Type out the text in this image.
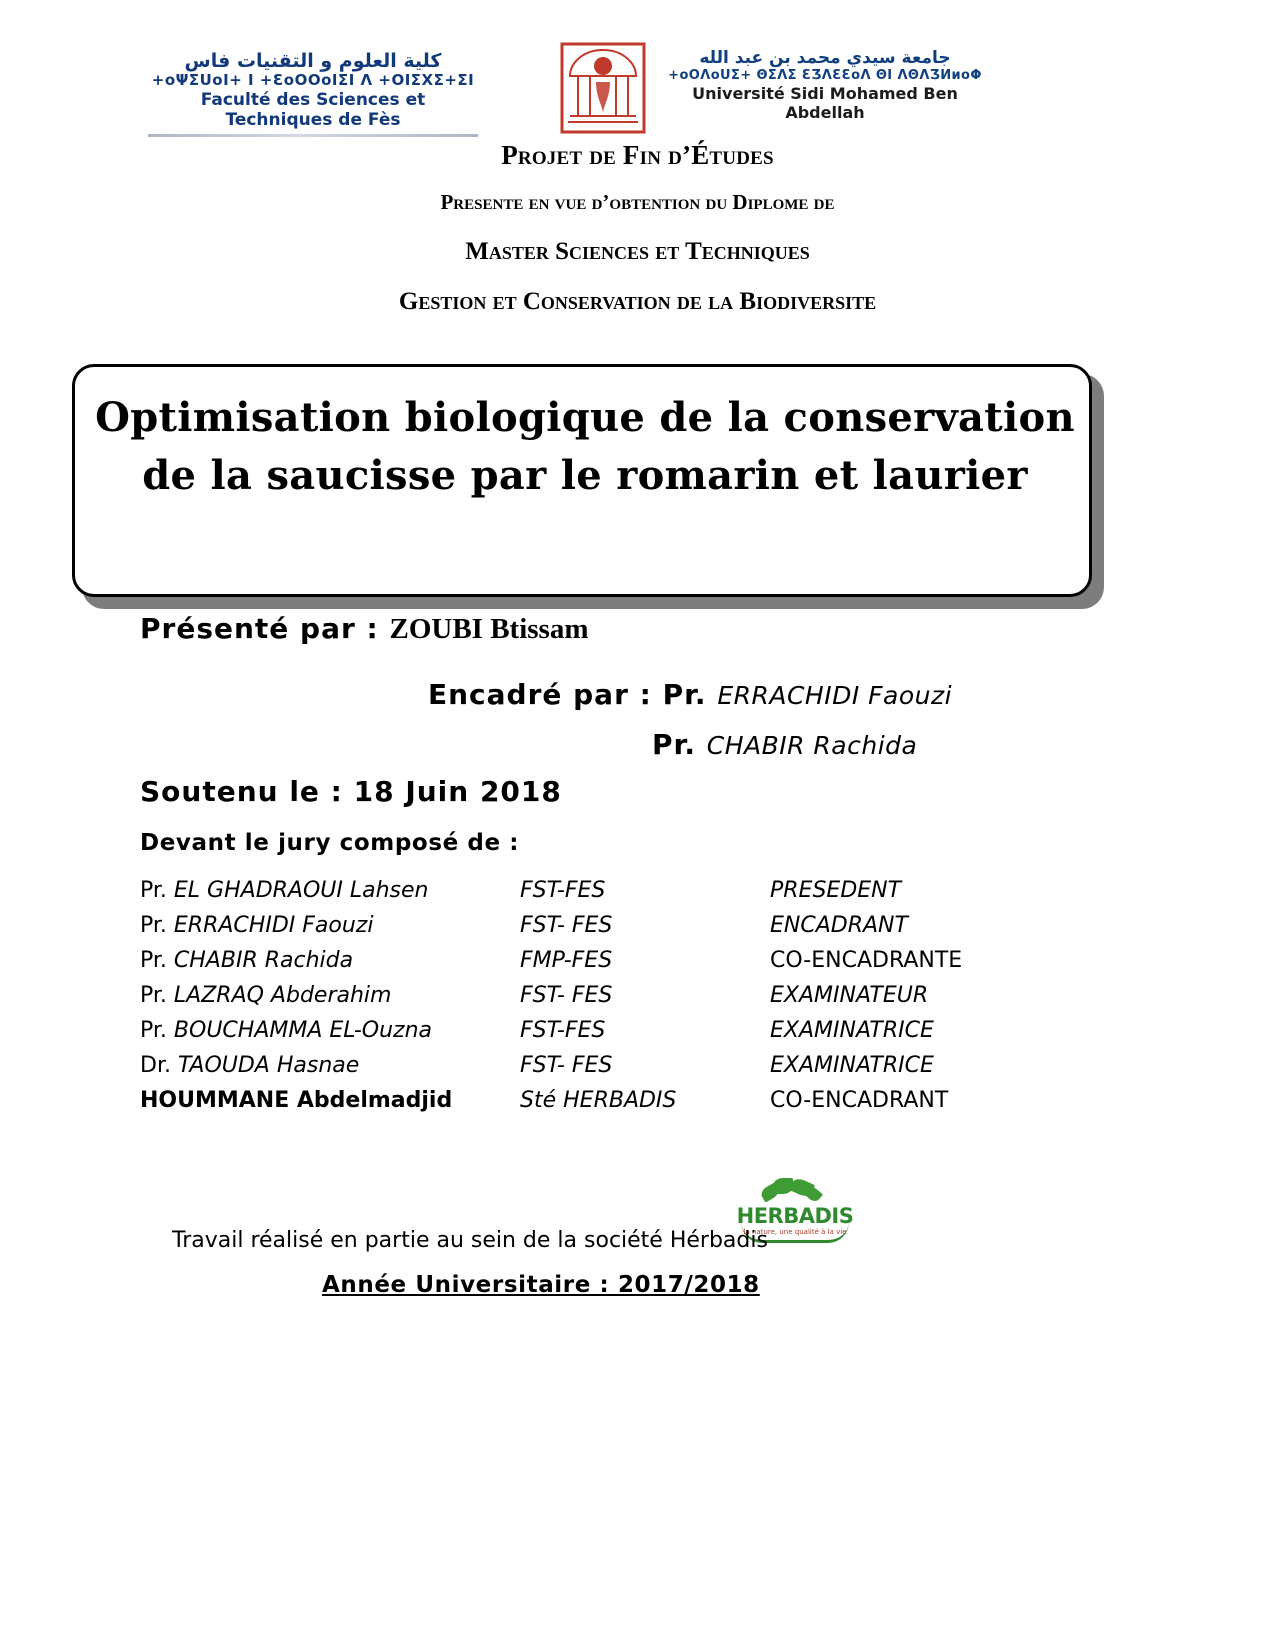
كلية العلوم و التقنيات فاس
+oΨΣUoI+ I +ƐoΟΟoIΣI Λ +ΟIΣΧΣ+ΣI
Faculté des Sciences et Techniques de Fès
جامعة سيدي محمد بن عبد الله
+oΟΛoUΣ+ ΘΣΛΣ ƐƷΛƐƐoΛ ΘI ΛΘΛƷИиoΦ
Université Sidi Mohamed Ben Abdellah
Projet de Fin d’Études
Presente en vue d’obtention du Diplome de
Master Sciences et Techniques
Gestion et Conservation de la Biodiversite
Optimisation biologique de la conservation
de la saucisse par le romarin et laurier
Présenté par : ZOUBI Btissam
Encadré par : Pr. ERRACHIDI Faouzi
Pr. CHABIR Rachida
Soutenu le : 18 Juin 2018
Devant le jury composé de :
Pr. EL GHADRAOUI Lahsen	FST-FES	PRESEDENT
Pr. ERRACHIDI Faouzi	FST- FES	ENCADRANT
Pr. CHABIR Rachida	FMP-FES	CO-ENCADRANTE
Pr. LAZRAQ Abderahim	FST- FES	EXAMINATEUR
Pr. BOUCHAMMA EL-Ouzna	FST-FES	EXAMINATRICE
Dr. TAOUDA Hasnae	FST- FES	EXAMINATRICE
HOUMMANE Abdelmadjid	Sté HERBADIS	CO-ENCADRANT
HERBADIS
la nature, une qualité à la vie
Travail réalisé en partie au sein de la société Hérbadis
Année Universitaire : 2017/2018
